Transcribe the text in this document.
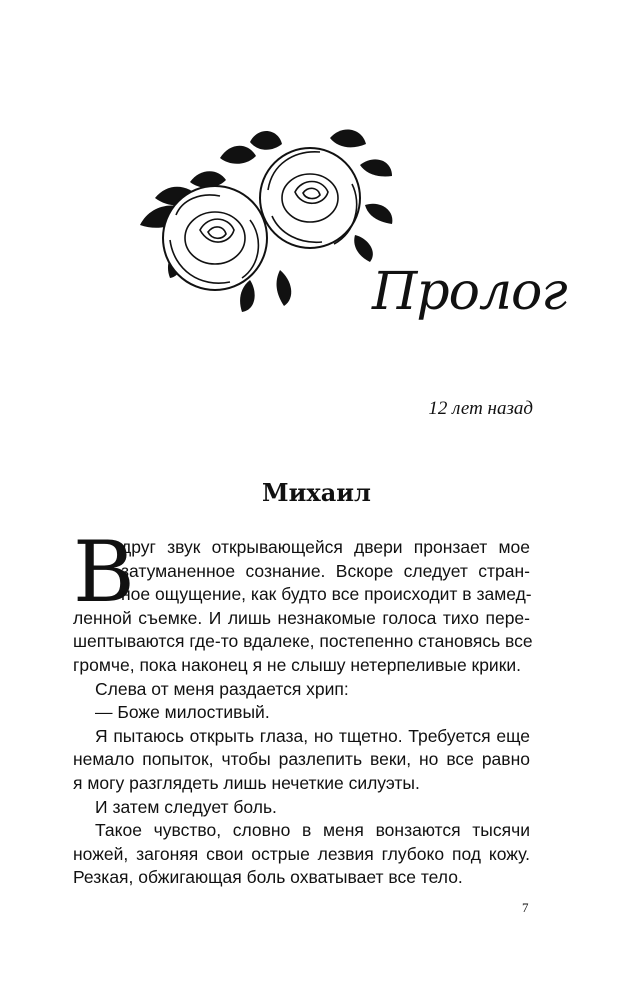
Пролог
12 лет назад
Михаил
В
друг звук открывающейся двери пронзает мое
затуманенное сознание. Вскоре следует стран-
ное ощущение, как будто все происходит в замед-
ленной съемке. И лишь незнакомые голоса тихо пере-
шептываются где-то вдалеке, постепенно становясь все
громче, пока наконец я не слышу нетерпеливые крики.
Слева от меня раздается хрип:
— Боже милостивый.
Я пытаюсь открыть глаза, но тщетно. Требуется еще
немало попыток, чтобы разлепить веки, но все равно
я могу разглядеть лишь нечеткие силуэты.
И затем следует боль.
Такое чувство, словно в меня вонзаются тысячи
ножей, загоняя свои острые лезвия глубоко под кожу.
Резкая, обжигающая боль охватывает все тело.
7
